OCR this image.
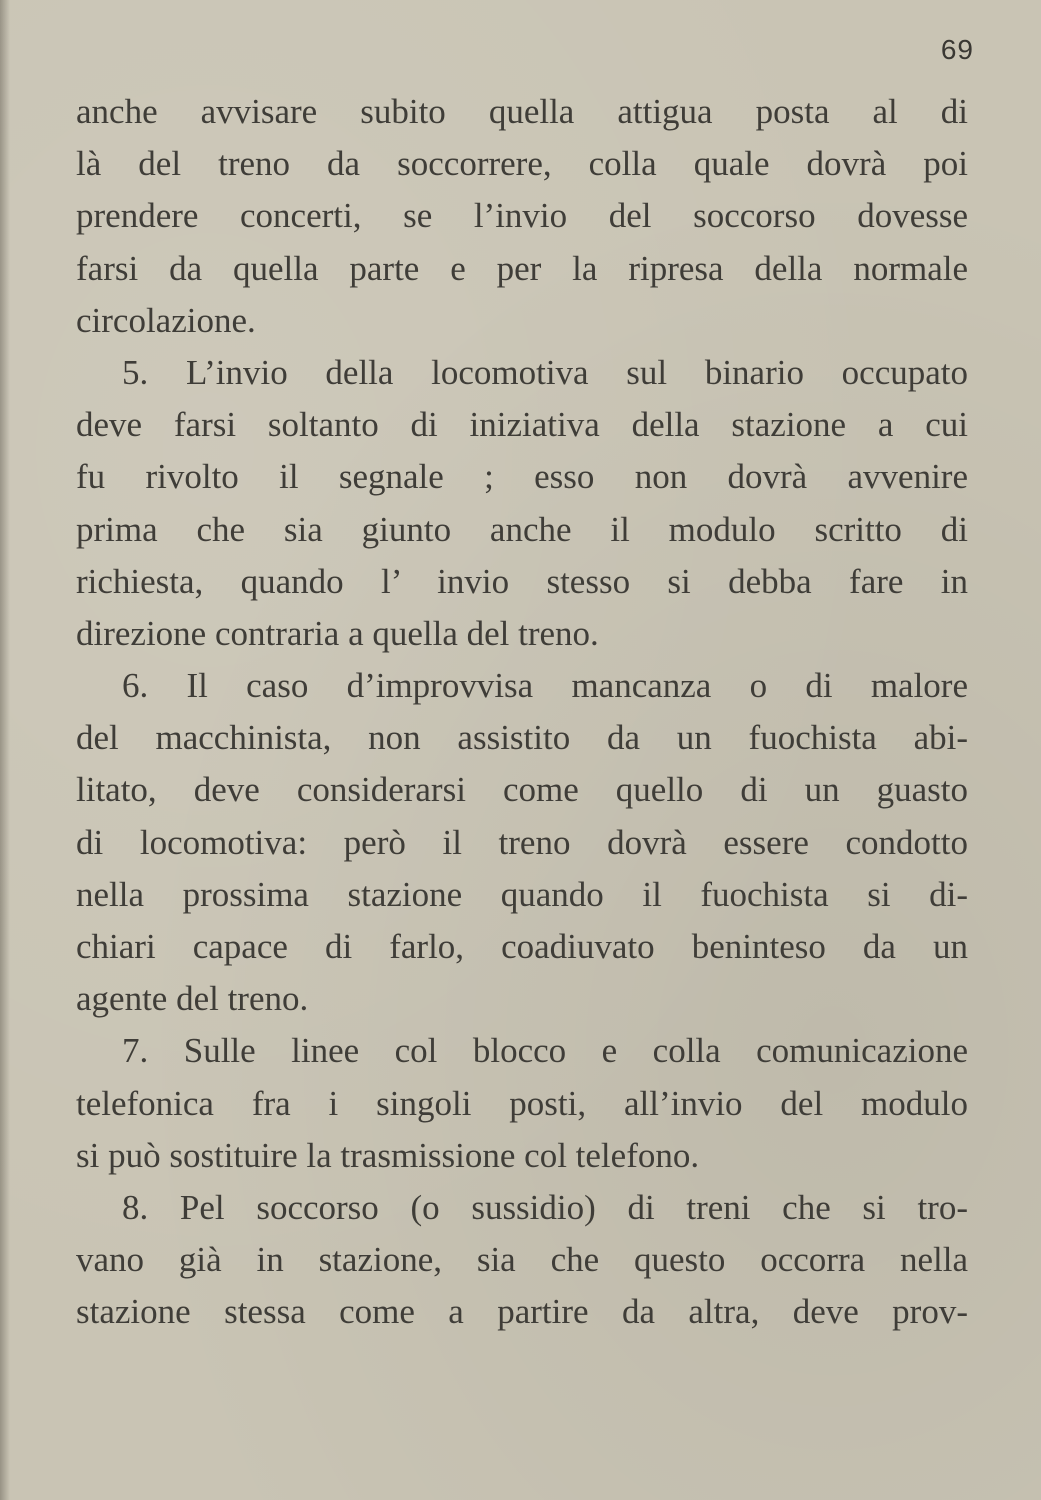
69
anche avvisare subito quella attigua posta al di
là del treno da soccorrere, colla quale dovrà poi
prendere concerti, se l’invio del soccorso dovesse
farsi da quella parte e per la ripresa della normale
circolazione.
5. L’invio della locomotiva sul binario occupato
deve farsi soltanto di iniziativa della stazione a cui
fu rivolto il segnale ; esso non dovrà avvenire
prima che sia giunto anche il modulo scritto di
richiesta, quando l’ invio stesso si debba fare in
direzione contraria a quella del treno.
6. Il caso d’improvvisa mancanza o di malore
del macchinista, non assistito da un fuochista abi-
litato, deve considerarsi come quello di un guasto
di locomotiva: però il treno dovrà essere condotto
nella prossima stazione quando il fuochista si di-
chiari capace di farlo, coadiuvato beninteso da un
agente del treno.
7. Sulle linee col blocco e colla comunicazione
telefonica fra i singoli posti, all’invio del modulo
si può sostituire la trasmissione col telefono.
8. Pel soccorso (o sussidio) di treni che si tro-
vano già in stazione, sia che questo occorra nella
stazione stessa come a partire da altra, deve prov-
